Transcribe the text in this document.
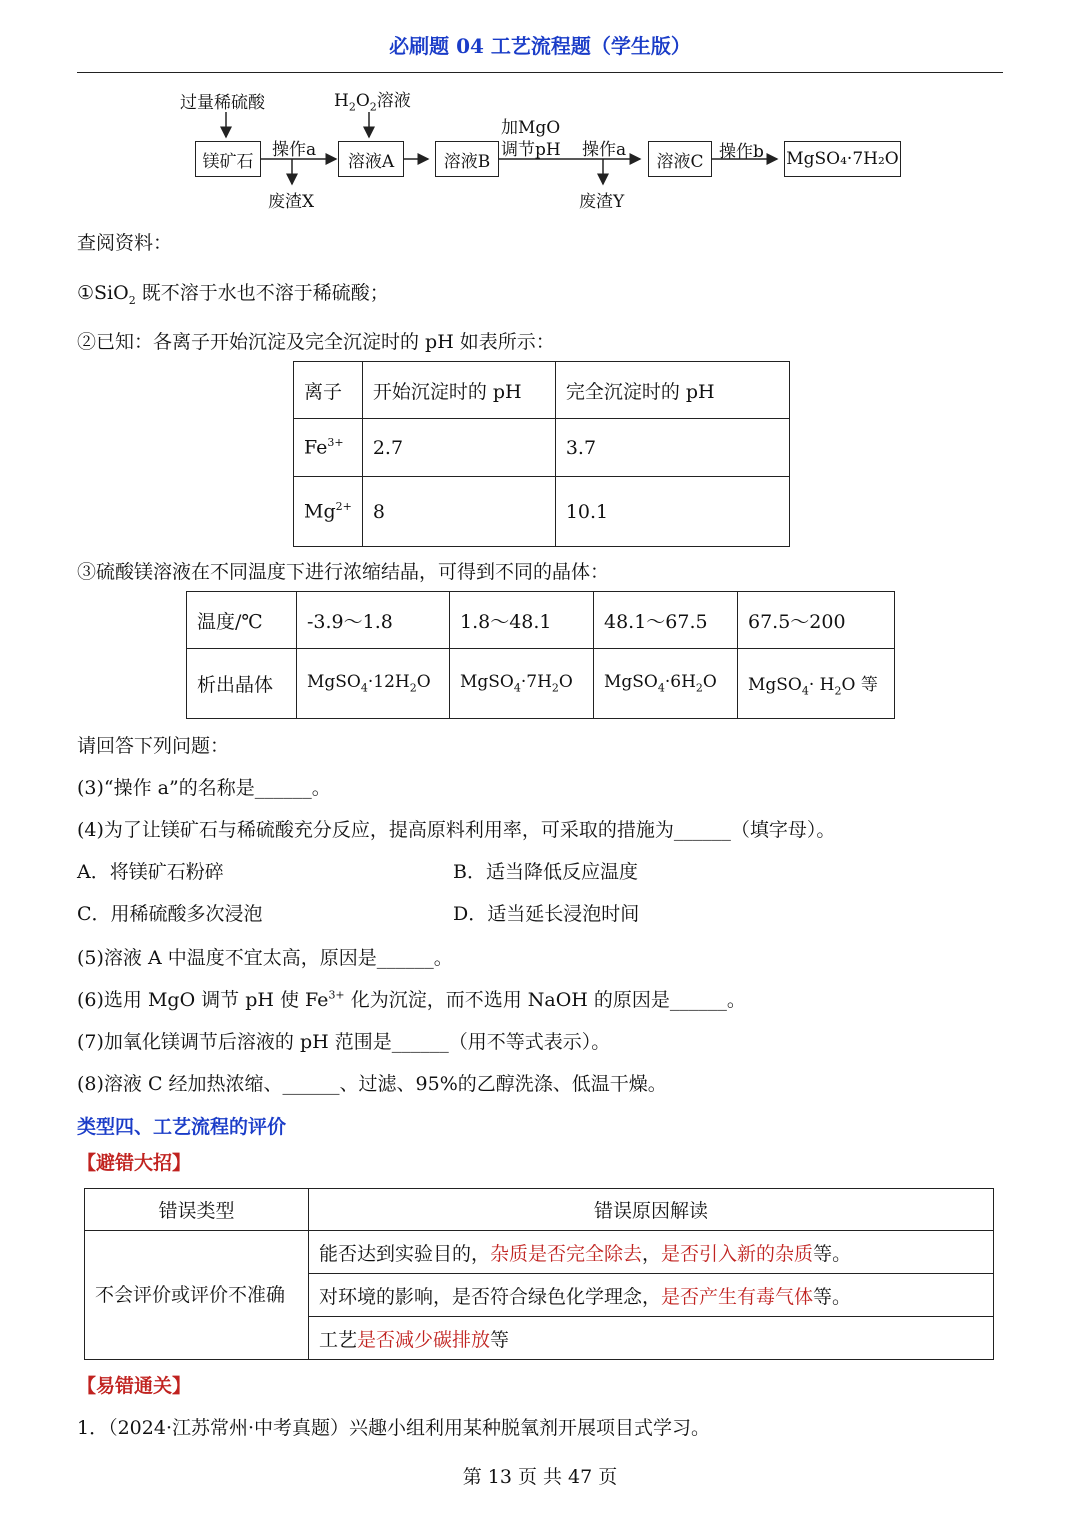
必刷题 04 工艺流程题（学生版）
过量稀硫酸	$H_2O_2$溶液
加MgO
调节pH
操作a	操作a	操作b
镁矿石	溶液A	溶液B	溶液C	MgSO₄·7H₂O
废渣X	废渣Y
查阅资料：
①SiO$_2$ 既不溶于水也不溶于稀硫酸；
②已知：各离子开始沉淀及完全沉淀时的 pH 如表所示：
离子	开始沉淀时的 pH	完全沉淀时的 pH
$Fe^{3+}$	2.7	3.7
$Mg^{2+}$	8	10.1
③硫酸镁溶液在不同温度下进行浓缩结晶，可得到不同的晶体：
温度/℃	-3.9～1.8	1.8～48.1	48.1～67.5	67.5～200
析出晶体	$MgSO_4\cdot 12H_2O$	$MgSO_4\cdot 7H_2O$	$MgSO_4\cdot 6H_2O$	MgSO$_4$· $H_2O$ 等
请回答下列问题：
(3)“操作 a”的名称是______。
(4)为了让镁矿石与稀硫酸充分反应，提高原料利用率，可采取的措施为______（填字母）。
A．将镁矿石粉碎	B．适当降低反应温度
C．用稀硫酸多次浸泡	D．适当延长浸泡时间
(5)溶液 A 中温度不宜太高，原因是______。
(6)选用 MgO 调节 pH 使 $Fe^{3+}$ 化为沉淀，而不选用 NaOH 的原因是______。
(7)加氧化镁调节后溶液的 pH 范围是______（用不等式表示）。
(8)溶液 C 经加热浓缩、______、过滤、95%的乙醇洗涤、低温干燥。
类型四、工艺流程的评价
【避错大招】
错误类型	错误原因解读
不会评价或评价不准确	能否达到实验目的，杂质是否完全除去，是否引入新的杂质等。
	对环境的影响，是否符合绿色化学理念，是否产生有毒气体等。
	工艺是否减少碳排放等
【易错通关】
1．（2024·江苏常州·中考真题）兴趣小组利用某种脱氧剂开展项目式学习。
第 13 页 共 47 页
